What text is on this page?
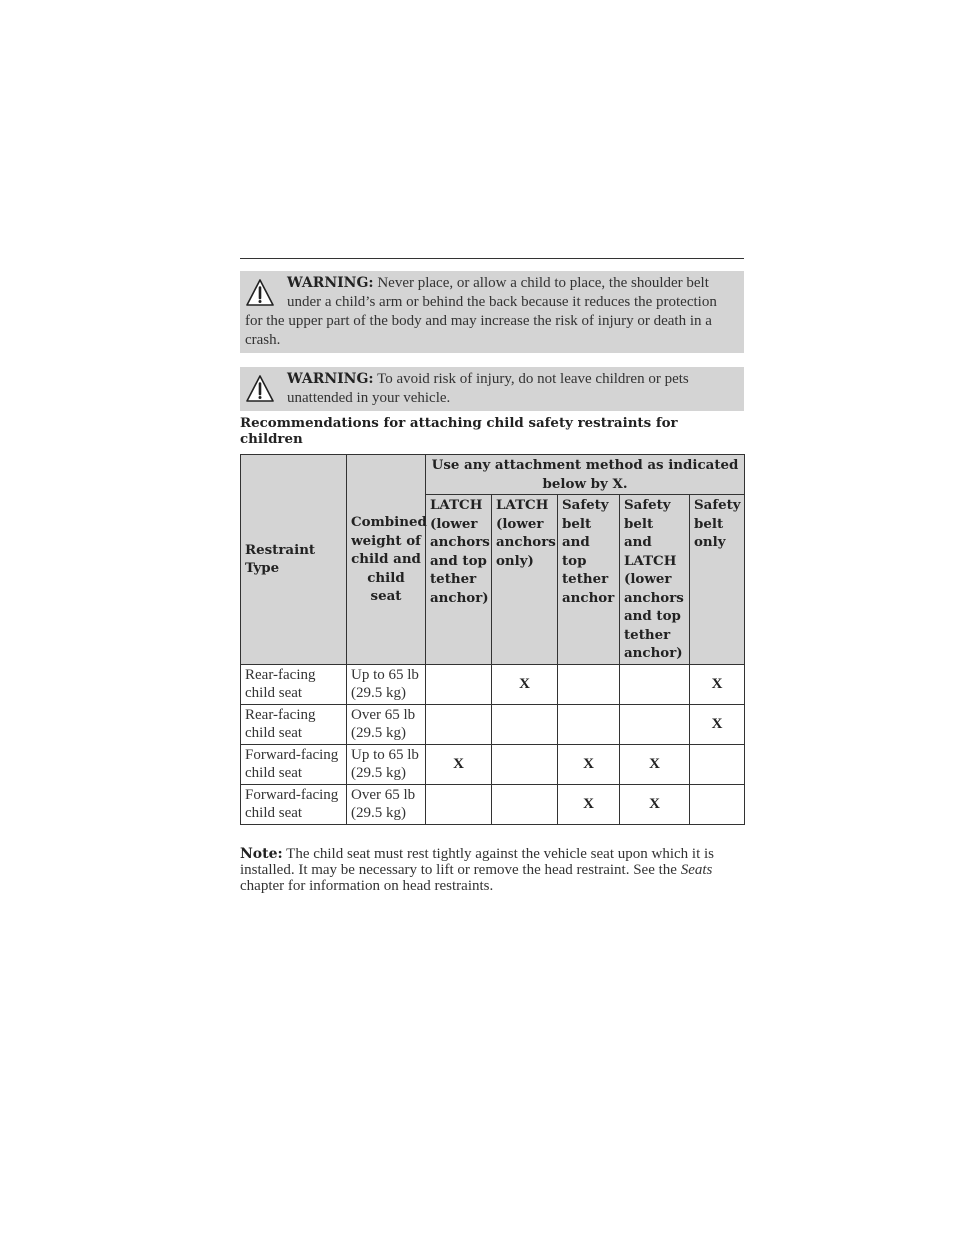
WARNING: Never place, or allow a child to place, the shoulder belt under a child’s arm or behind the back because it reduces the protection for the upper part of the body and may increase the risk of injury or death in a crash.
WARNING: To avoid risk of injury, do not leave children or pets unattended in your vehicle.
Recommendations for attaching child safety restraints for children
Restraint Type	Combined weight of child and child seat	Use any attachment method as indicated below by X.				
		LATCH (lower anchors and top tether anchor)	LATCH (lower anchors only)	Safety belt and top tether anchor	Safety belt and LATCH (lower anchors and top tether anchor)	Safety belt only
Rear-facing child seat	Up to 65 lb (29.5 kg)		X			X
Rear-facing child seat	Over 65 lb (29.5 kg)					X
Forward-facing child seat	Up to 65 lb (29.5 kg)	X		X	X	
Forward-facing child seat	Over 65 lb (29.5 kg)			X	X	
Note: The child seat must rest tightly against the vehicle seat upon which it is installed. It may be necessary to lift or remove the head restraint. See the Seats chapter for information on head restraints.
